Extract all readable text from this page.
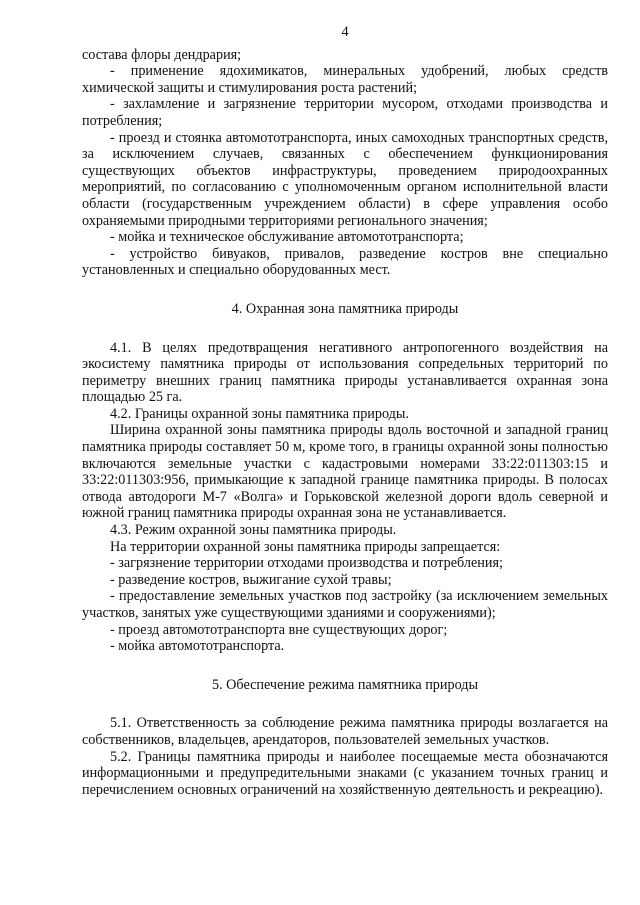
4

состава флоры дендрария;

- применение ядохимикатов, минеральных удобрений, любых средств химической защиты и стимулирования роста растений;

- захламление и загрязнение территории мусором, отходами производства и потребления;

- проезд и стоянка автомототранспорта, иных самоходных транспортных средств, за исключением случаев, связанных с обеспечением функционирования существующих объектов инфраструктуры, проведением природоохранных мероприятий, по согласованию с уполномоченным органом исполнительной власти области (государственным учреждением области) в сфере управления особо охраняемыми природными территориями регионального значения;

- мойка и техническое обслуживание автомототранспорта;

- устройство бивуаков, привалов, разведение костров вне специально установленных и специально оборудованных мест.

4. Охранная зона памятника природы

4.1. В целях предотвращения негативного антропогенного воздействия на экосистему памятника природы от использования сопредельных территорий по периметру внешних границ памятника природы устанавливается охранная зона площадью 25 га.

4.2. Границы охранной зоны памятника природы.

Ширина охранной зоны памятника природы вдоль восточной и западной границ памятника природы составляет 50 м, кроме того, в границы охранной зоны полностью включаются земельные участки с кадастровыми номерами 33:22:011303:15 и 33:22:011303:956, примыкающие к западной границе памятника природы. В полосах отвода автодороги М-7 «Волга» и Горьковской железной дороги вдоль северной и южной границ памятника природы охранная зона не устанавливается.

4.3. Режим охранной зоны памятника природы.

На территории охранной зоны памятника природы запрещается:

- загрязнение территории отходами производства и потребления;

- разведение костров, выжигание сухой травы;

- предоставление земельных участков под застройку (за исключением земельных участков, занятых уже существующими зданиями и сооружениями);

- проезд автомототранспорта вне существующих дорог;

- мойка автомототранспорта.

5. Обеспечение режима памятника природы

5.1. Ответственность за соблюдение режима памятника природы возлагается на собственников, владельцев, арендаторов, пользователей земельных участков.

5.2. Границы памятника природы и наиболее посещаемые места обозначаются информационными и предупредительными знаками (с указанием точных границ и перечислением основных ограничений на хозяйственную деятельность и рекреацию).
